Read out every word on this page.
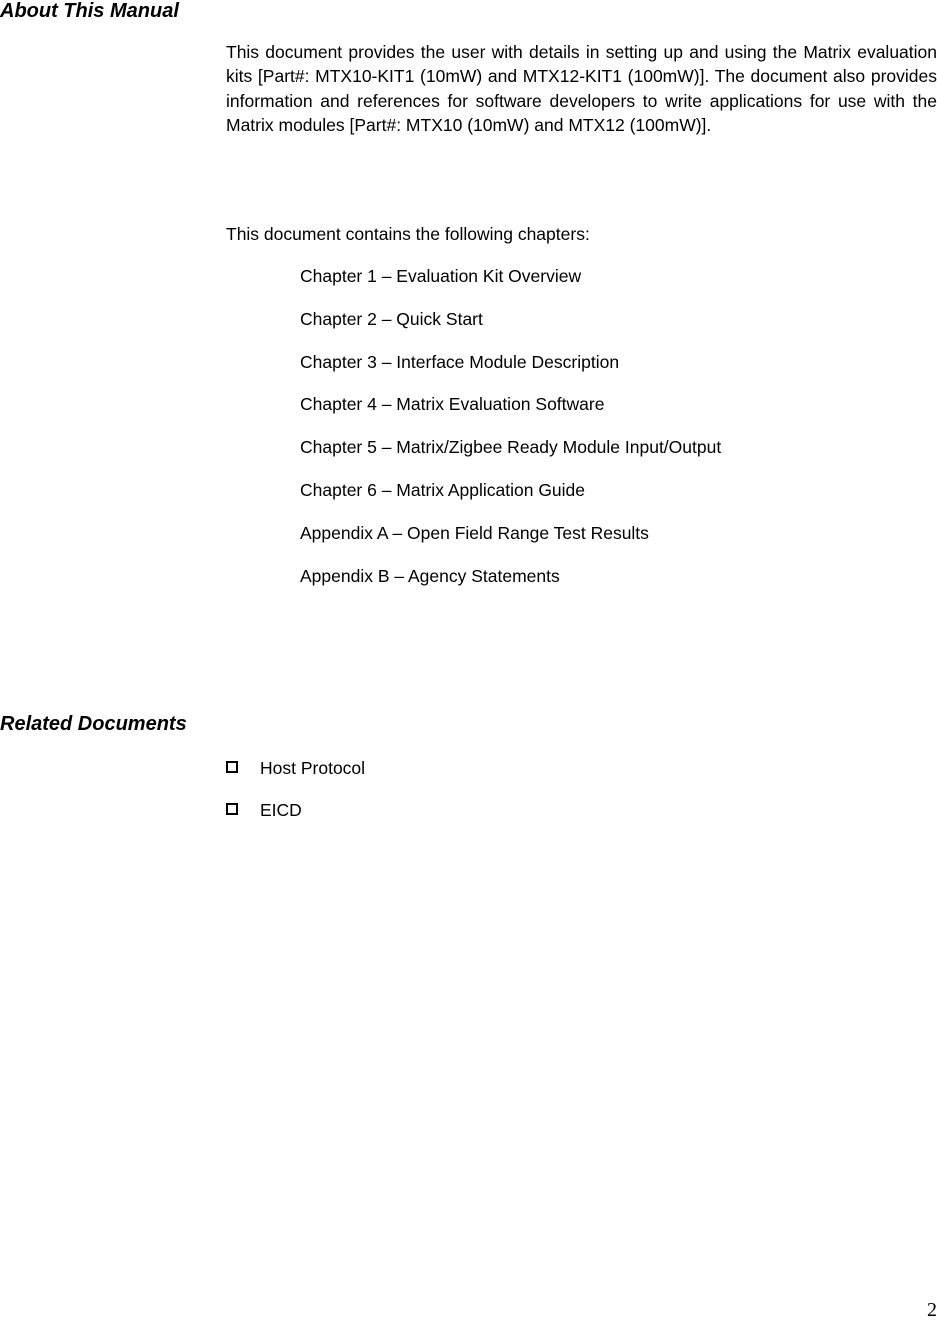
About This Manual

This document provides the user with details in setting up and using the Matrix evaluation kits [Part#: MTX10-KIT1 (10mW) and MTX12-KIT1 (100mW)]. The document also provides information and references for software developers to write applications for use with the Matrix modules [Part#: MTX10 (10mW) and MTX12 (100mW)].

This document contains the following chapters:

Chapter 1 – Evaluation Kit Overview
Chapter 2 – Quick Start
Chapter 3 – Interface Module Description
Chapter 4 – Matrix Evaluation Software
Chapter 5 – Matrix/Zigbee Ready Module Input/Output
Chapter 6 – Matrix Application Guide
Appendix A – Open Field Range Test Results
Appendix B – Agency Statements
Related Documents
Host Protocol
EICD

2
